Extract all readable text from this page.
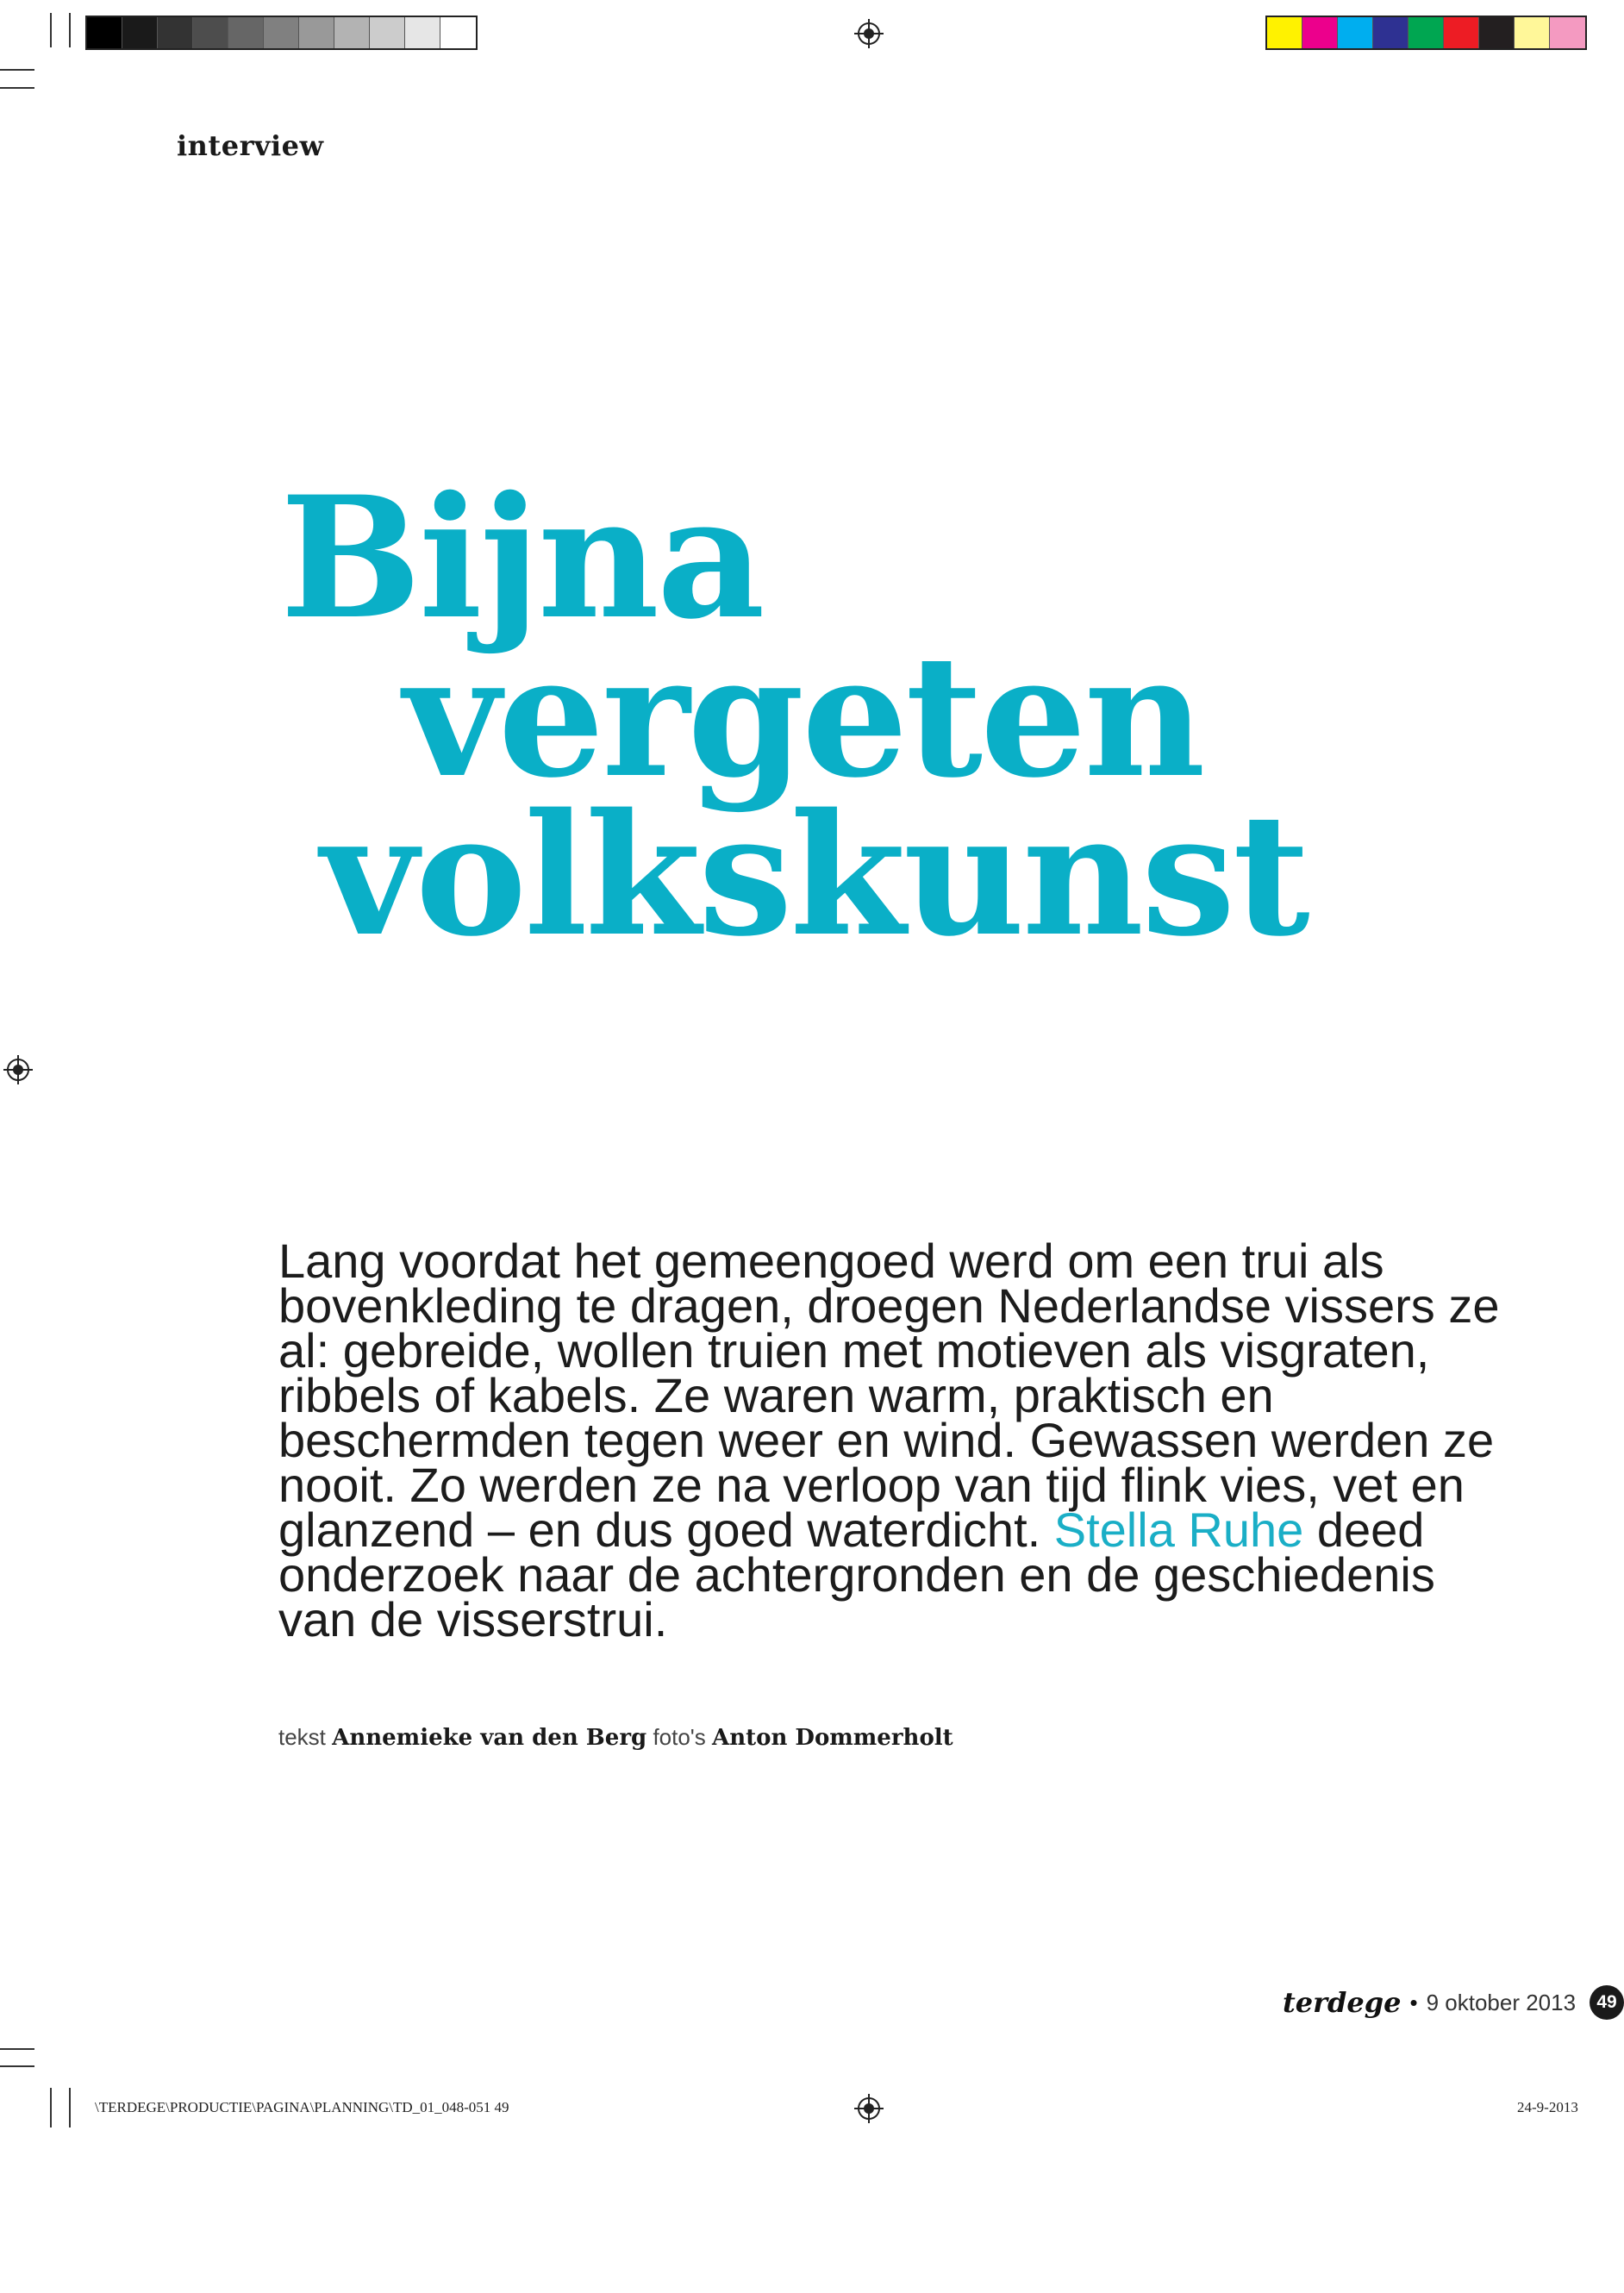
interview
Bijna
vergeten
volkskunst

Lang voordat het gemeengoed werd om een trui als bovenkleding te dragen, droegen Nederlandse vissers ze al: gebreide, wollen truien met motieven als visgraten, ribbels of kabels. Ze waren warm, praktisch en beschermden tegen weer en wind. Gewassen werden ze nooit. Zo werden ze na verloop van tijd flink vies, vet en glanzend – en dus goed waterdicht. Stella Ruhe deed onderzoek naar de achtergronden en de geschiedenis van de visserstrui.

tekst Annemieke van den Berg foto's Anton Dommerholt
terdege • 9 oktober 2013	49
\TERDEGE\PRODUCTIE\PAGINA\PLANNING\TD_01_048-051 49	24-9-2013
